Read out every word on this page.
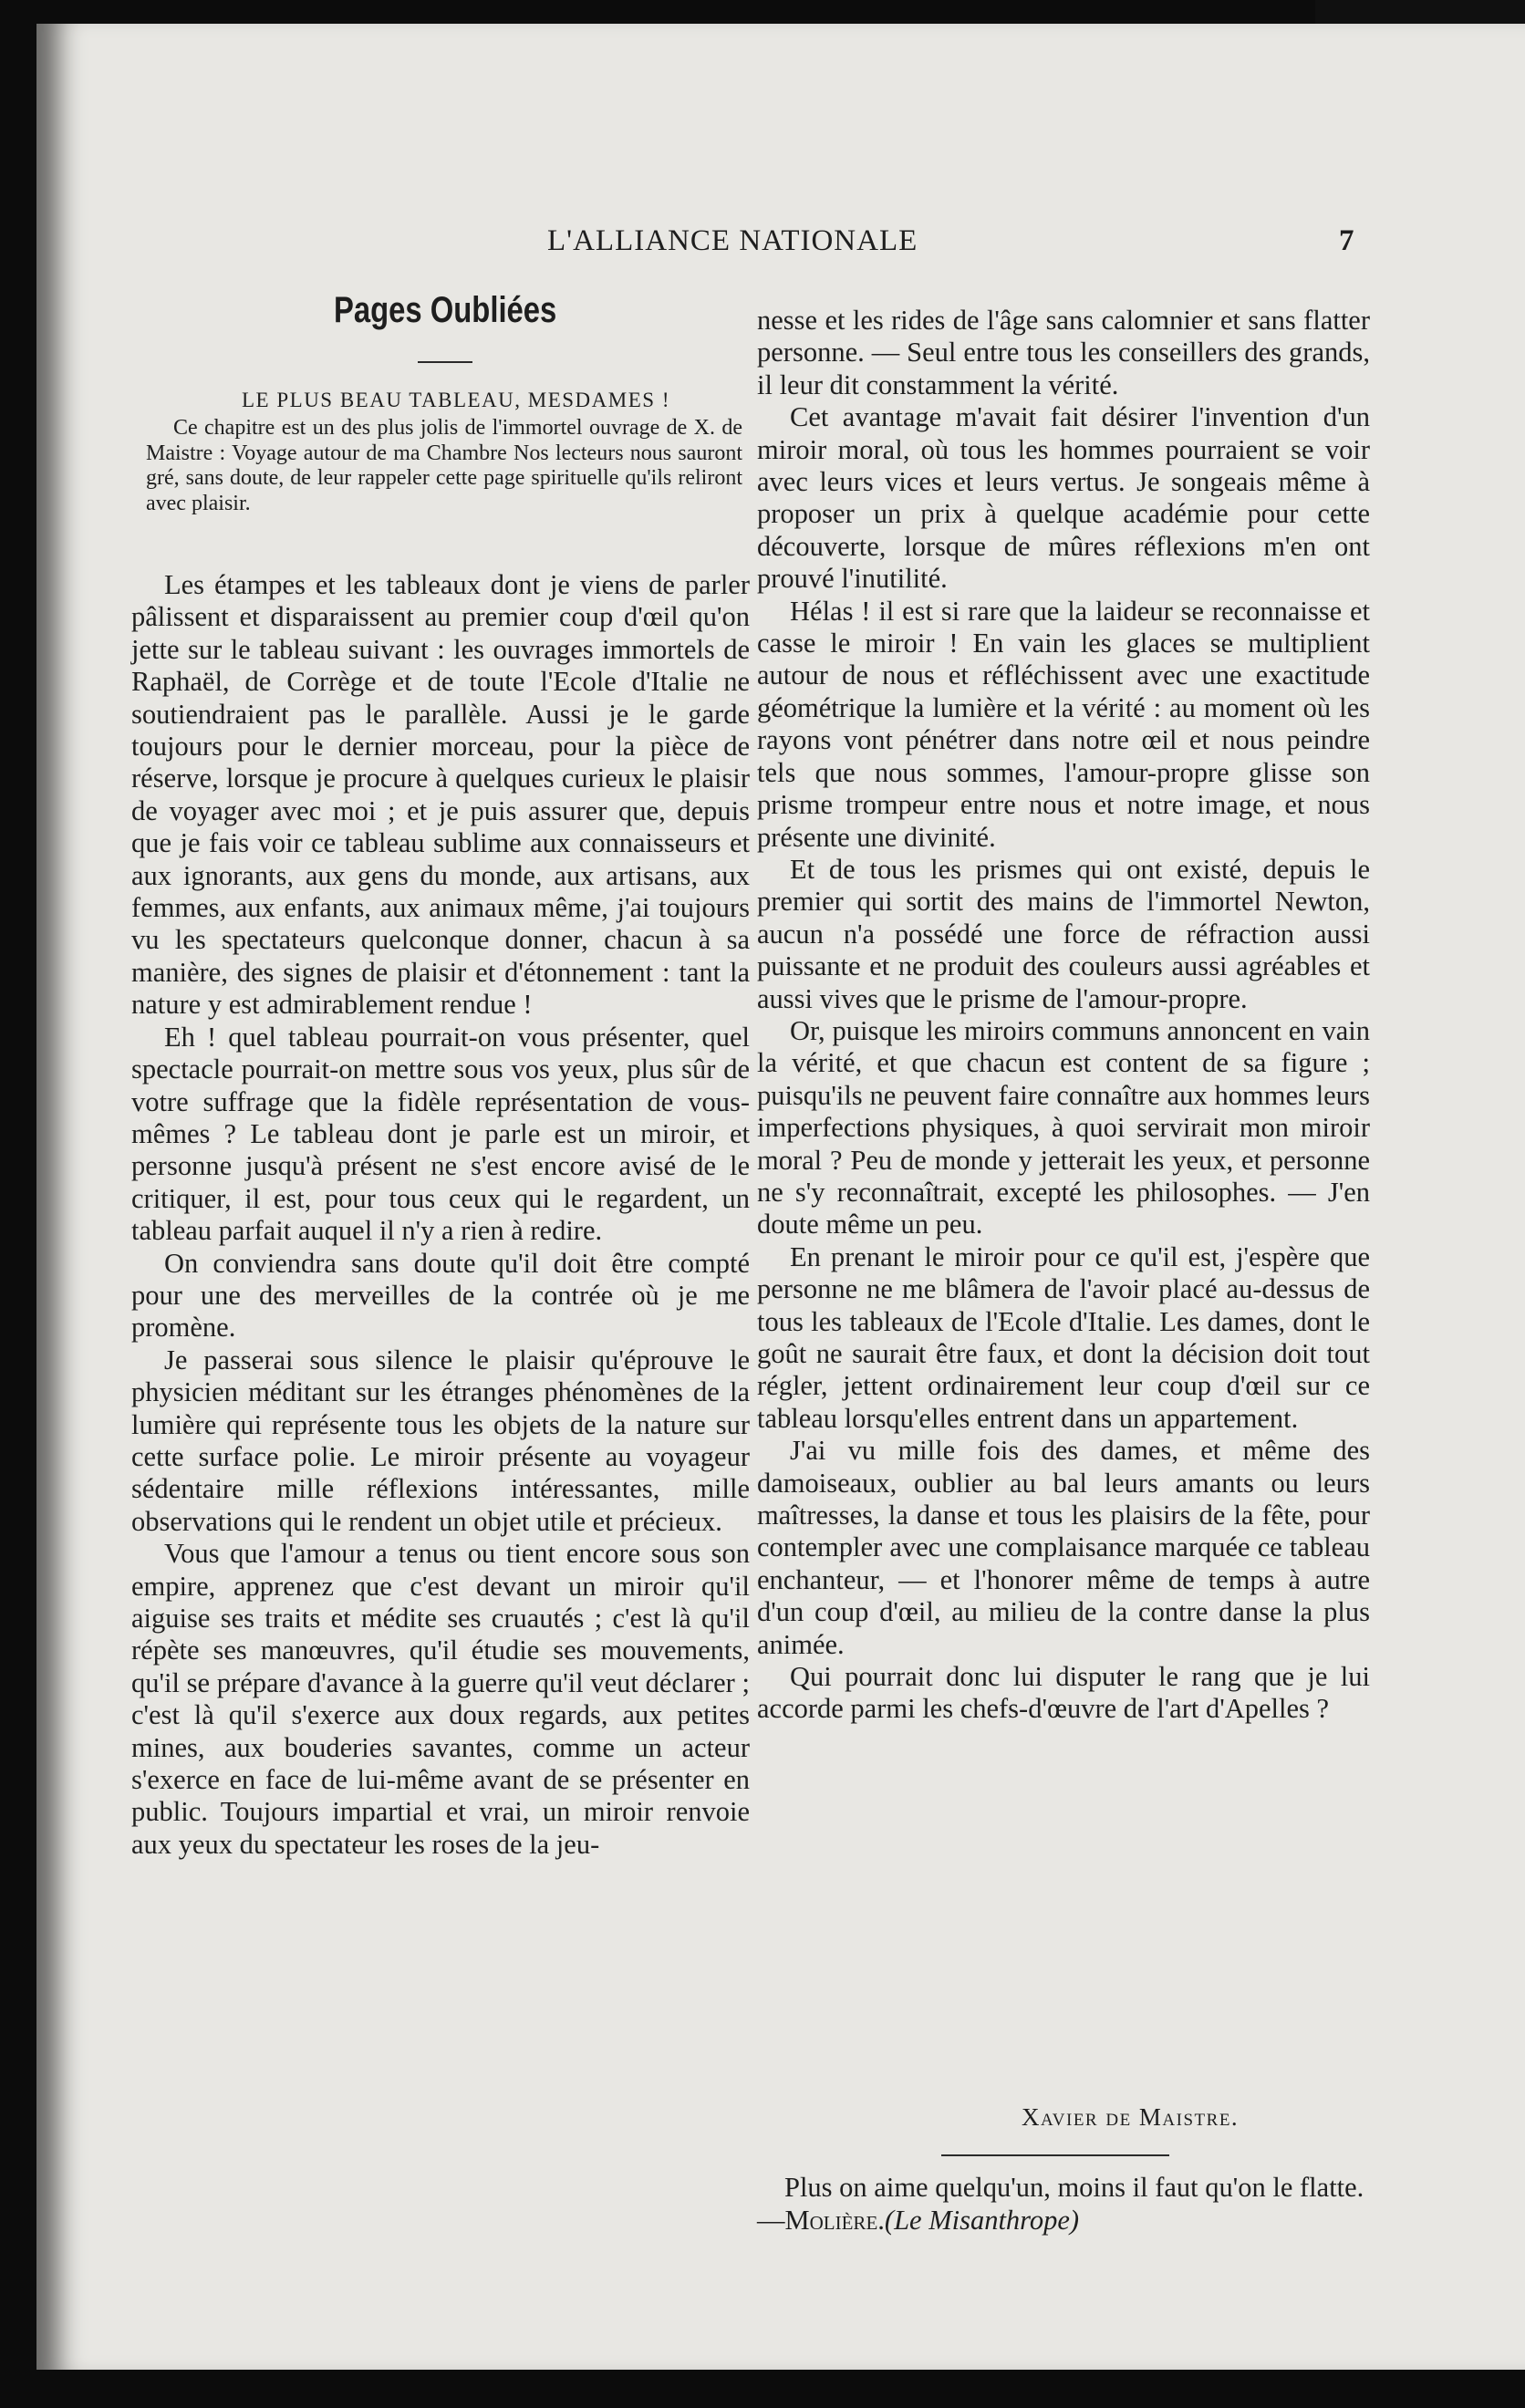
L'ALLIANCE NATIONALE	7
Pages Oubliées
LE PLUS BEAU TABLEAU, MESDAMES !

Ce chapitre est un des plus jolis de l'immortel ouvrage de X. de Maistre : Voyage autour de ma Chambre Nos lecteurs nous sauront gré, sans doute, de leur rappeler cette page spirituelle qu'ils reliront avec plaisir.

Les étampes et les tableaux dont je viens de parler pâlissent et disparaissent au premier coup d'œil qu'on jette sur le tableau suivant : les ouvrages immortels de Raphaël, de Corrège et de toute l'Ecole d'Italie ne soutiendraient pas le parallèle. Aussi je le garde toujours pour le dernier morceau, pour la pièce de réserve, lorsque je procure à quelques curieux le plaisir de voyager avec moi ; et je puis assurer que, depuis que je fais voir ce tableau sublime aux connaisseurs et aux ignorants, aux gens du monde, aux artisans, aux femmes, aux enfants, aux animaux même, j'ai toujours vu les spectateurs quelconque donner, chacun à sa manière, des signes de plaisir et d'étonnement : tant la nature y est admirablement rendue !

Eh ! quel tableau pourrait-on vous présenter, quel spectacle pourrait-on mettre sous vos yeux, plus sûr de votre suffrage que la fidèle représentation de vous-mêmes ? Le tableau dont je parle est un miroir, et personne jusqu'à présent ne s'est encore avisé de le critiquer, il est, pour tous ceux qui le regardent, un tableau parfait auquel il n'y a rien à redire.

On conviendra sans doute qu'il doit être compté pour une des merveilles de la contrée où je me promène.

Je passerai sous silence le plaisir qu'éprouve le physicien méditant sur les étranges phénomènes de la lumière qui représente tous les objets de la nature sur cette surface polie. Le miroir présente au voyageur sédentaire mille réflexions intéressantes, mille observations qui le rendent un objet utile et précieux.

Vous que l'amour a tenus ou tient encore sous son empire, apprenez que c'est devant un miroir qu'il aiguise ses traits et médite ses cruautés ; c'est là qu'il répète ses manœuvres, qu'il étudie ses mouvements, qu'il se prépare d'avance à la guerre qu'il veut déclarer ; c'est là qu'il s'exerce aux doux regards, aux petites mines, aux bouderies savantes, comme un acteur s'exerce en face de lui-même avant de se présenter en public. Toujours impartial et vrai, un miroir renvoie aux yeux du spectateur les roses de la jeu-

nesse et les rides de l'âge sans calomnier et sans flatter personne. — Seul entre tous les conseillers des grands, il leur dit constamment la vérité.

Cet avantage m'avait fait désirer l'invention d'un miroir moral, où tous les hommes pourraient se voir avec leurs vices et leurs vertus. Je songeais même à proposer un prix à quelque académie pour cette découverte, lorsque de mûres réflexions m'en ont prouvé l'inutilité.

Hélas ! il est si rare que la laideur se reconnaisse et casse le miroir ! En vain les glaces se multiplient autour de nous et réfléchissent avec une exactitude géométrique la lumière et la vérité : au moment où les rayons vont pénétrer dans notre œil et nous peindre tels que nous sommes, l'amour-propre glisse son prisme trompeur entre nous et notre image, et nous présente une divinité.

Et de tous les prismes qui ont existé, depuis le premier qui sortit des mains de l'immortel Newton, aucun n'a possédé une force de réfraction aussi puissante et ne produit des couleurs aussi agréables et aussi vives que le prisme de l'amour-propre.

Or, puisque les miroirs communs annoncent en vain la vérité, et que chacun est content de sa figure ; puisqu'ils ne peuvent faire connaître aux hommes leurs imperfections physiques, à quoi servirait mon miroir moral ? Peu de monde y jetterait les yeux, et personne ne s'y reconnaîtrait, excepté les philosophes. — J'en doute même un peu.

En prenant le miroir pour ce qu'il est, j'espère que personne ne me blâmera de l'avoir placé au-dessus de tous les tableaux de l'Ecole d'Italie. Les dames, dont le goût ne saurait être faux, et dont la décision doit tout régler, jettent ordinairement leur coup d'œil sur ce tableau lorsqu'elles entrent dans un appartement.

J'ai vu mille fois des dames, et même des damoiseaux, oublier au bal leurs amants ou leurs maîtresses, la danse et tous les plaisirs de la fête, pour contempler avec une complaisance marquée ce tableau enchanteur, — et l'honorer même de temps à autre d'un coup d'œil, au milieu de la contre danse la plus animée.

Qui pourrait donc lui disputer le rang que je lui accorde parmi les chefs-d'œuvre de l'art d'Apelles ?

Xavier de Maistre.

Plus on aime quelqu'un, moins il faut qu'on le flatte.—Molière.(Le Misanthrope)
